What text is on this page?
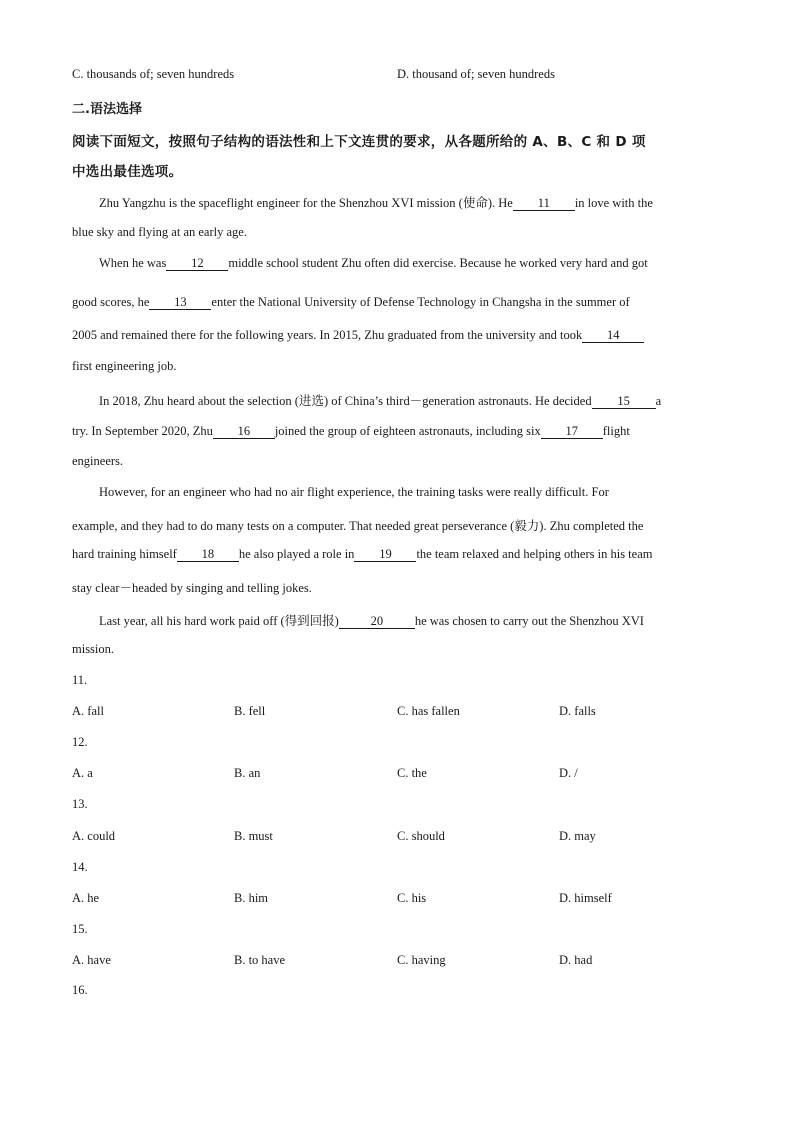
C. thousands of; seven hundreds	D. thousand of; seven hundreds
二.语法选择
阅读下面短文，按照句子结构的语法性和上下文连贯的要求，从各题所给的 A、B、C 和 D 项
中选出最佳选项。
Zhu Yangzhu is the spaceflight engineer for the Shenzhou XVI mission (使命). He 11 in love with the
blue sky and flying at an early age.
When he was 12 middle school student Zhu often did exercise. Because he worked very hard and got
good scores, he 13 enter the National University of Defense Technology in Changsha in the summer of
2005 and remained there for the following years. In 2015, Zhu graduated from the university and took 14
first engineering job.
In 2018, Zhu heard about the selection (进选) of China’s third－generation astronauts. He decided 15 a
try. In September 2020, Zhu 16 joined the group of eighteen astronauts, including six 17 flight
engineers.
However, for an engineer who had no air flight experience, the training tasks were really difficult. For
example, and they had to do many tests on a computer. That needed great perseverance (毅力). Zhu completed the
hard training himself 18 he also played a role in 19 the team relaxed and helping others in his team
stay clear－headed by singing and telling jokes.
Last year, all his hard work paid off (得到回报)	20	he was chosen to carry out the Shenzhou XVI
mission.
11.
A. fall	B. fell	C. has fallen	D. falls
12.
A. a	B. an	C. the	D. /
13.
A. could	B. must	C. should	D. may
14.
A. he	B. him	C. his	D. himself
15.
A. have	B. to have	C. having	D. had
16.
